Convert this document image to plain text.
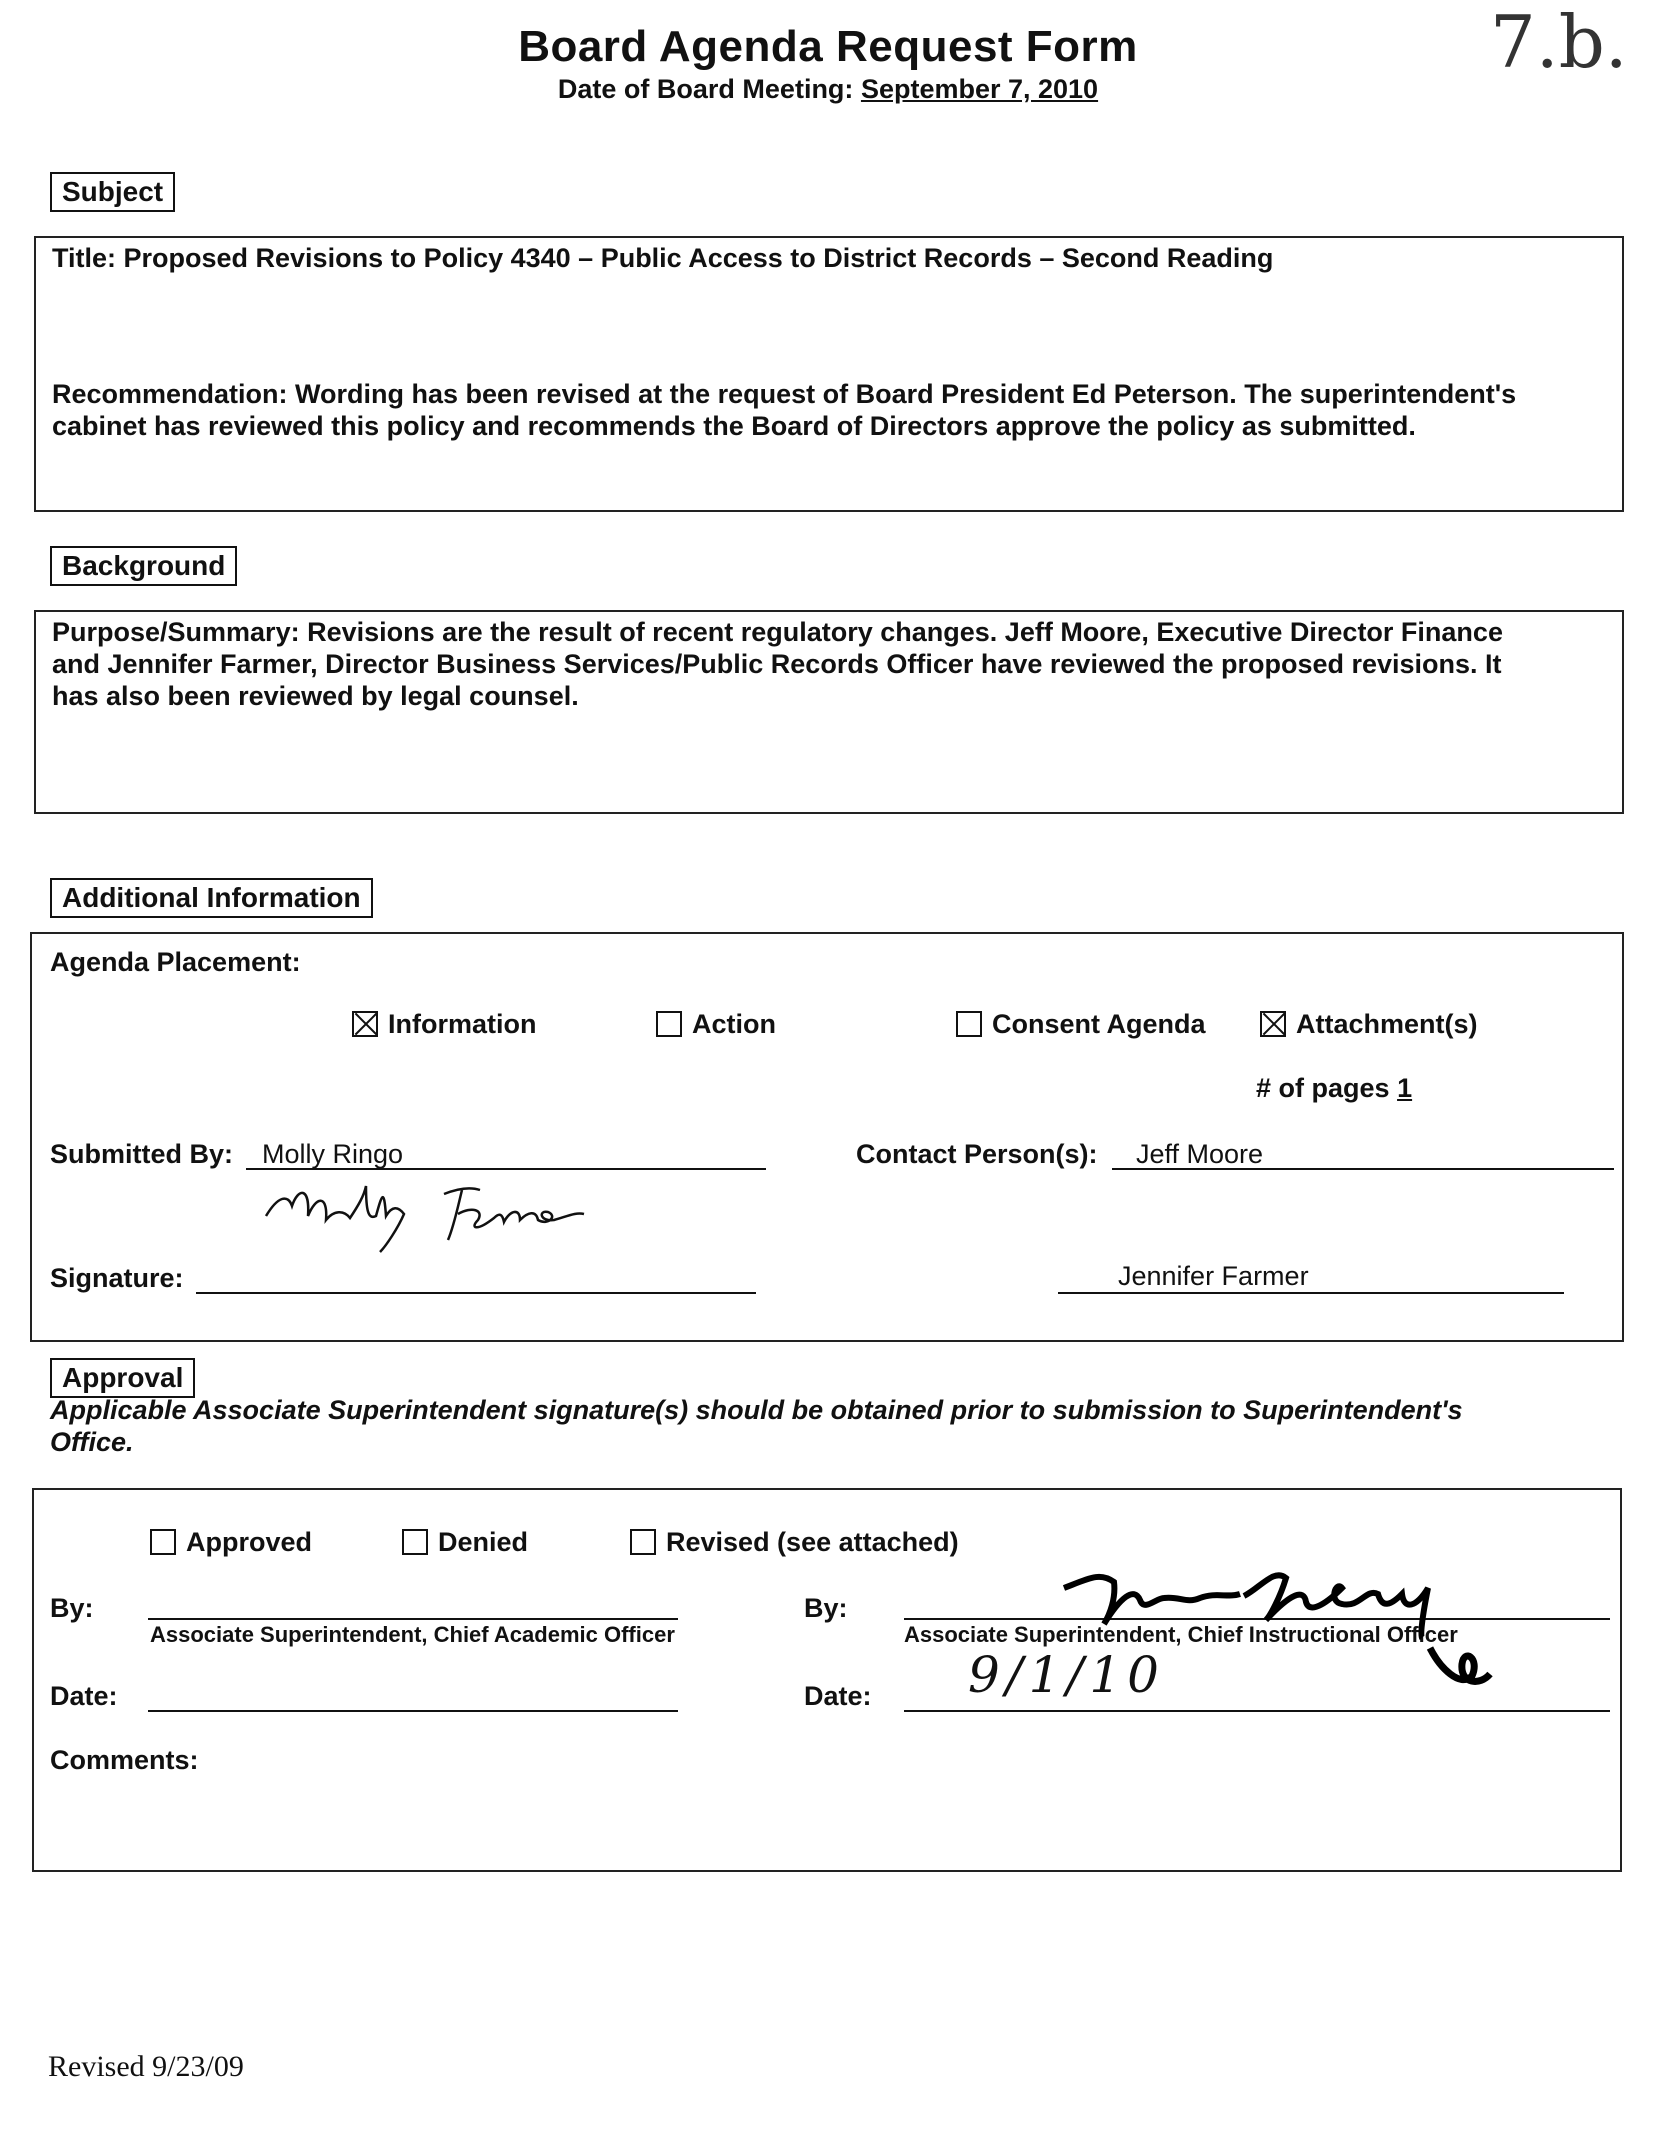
Board Agenda Request Form
Date of Board Meeting: September 7, 2010
7.b.
Subject
Title: Proposed Revisions to Policy 4340 – Public Access to District Records – Second Reading
Recommendation: Wording has been revised at the request of Board President Ed Peterson. The superintendent's
cabinet has reviewed this policy and recommends the Board of Directors approve the policy as submitted.
Background
Purpose/Summary: Revisions are the result of recent regulatory changes. Jeff Moore, Executive Director Finance
and Jennifer Farmer, Director Business Services/Public Records Officer have reviewed the proposed revisions. It
has also been reviewed by legal counsel.
Additional Information
Agenda Placement:
Information	Action	Consent Agenda	Attachment(s)
# of pages 1
Submitted By: Molly Ringo	Contact Person(s): Jeff Moore
Signature:	Jennifer Farmer
Approval
Applicable Associate Superintendent signature(s) should be obtained prior to submission to Superintendent's
Office.
Approved	Denied	Revised (see attached)
By:
Associate Superintendent, Chief Academic Officer
By:
Associate Superintendent, Chief Instructional Officer
Date:	Date: 9/1/10
Comments:
Revised 9/23/09
